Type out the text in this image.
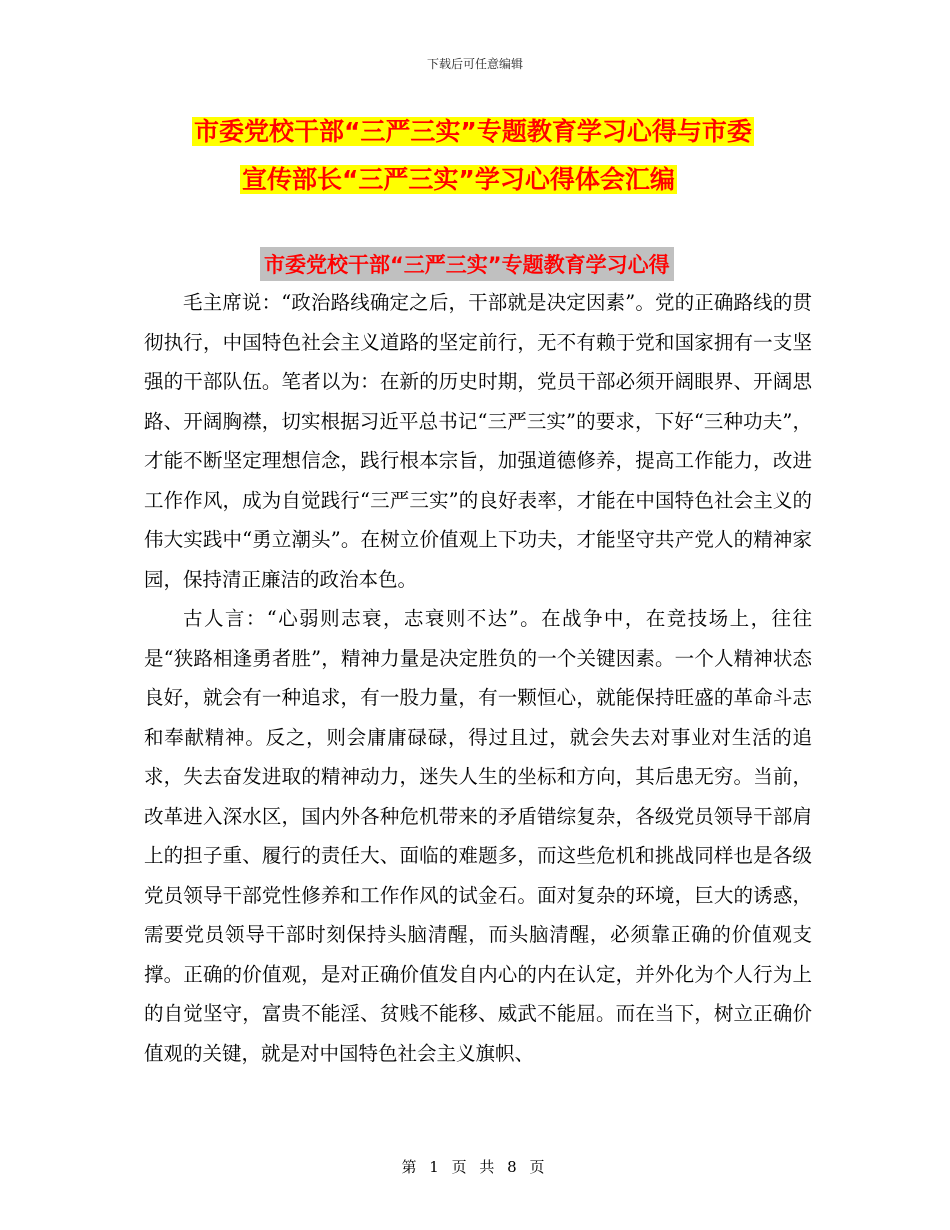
下载后可任意编辑
市委党校干部“三严三实”专题教育学习心得与市委
宣传部长“三严三实”学习心得体会汇编
市委党校干部“三严三实”专题教育学习心得

毛主席说：“政治路线确定之后，干部就是决定因素”。党的正确路线的贯彻执行，中国特色社会主义道路的坚定前行，无不有赖于党和国家拥有一支坚强的干部队伍。笔者以为：在新的历史时期，党员干部必须开阔眼界、开阔思路、开阔胸襟，切实根据习近平总书记“三严三实”的要求，下好“三种功夫”，才能不断坚定理想信念，践行根本宗旨，加强道德修养，提高工作能力，改进工作作风，成为自觉践行“三严三实”的良好表率，才能在中国特色社会主义的伟大实践中“勇立潮头”。在树立价值观上下功夫，才能坚守共产党人的精神家园，保持清正廉洁的政治本色。

古人言：“心弱则志衰，志衰则不达”。在战争中，在竞技场上，往往是“狭路相逢勇者胜”，精神力量是决定胜负的一个关键因素。一个人精神状态良好，就会有一种追求，有一股力量，有一颗恒心，就能保持旺盛的革命斗志和奉献精神。反之，则会庸庸碌碌，得过且过，就会失去对事业对生活的追求，失去奋发进取的精神动力，迷失人生的坐标和方向，其后患无穷。当前，改革进入深水区，国内外各种危机带来的矛盾错综复杂，各级党员领导干部肩上的担子重、履行的责任大、面临的难题多，而这些危机和挑战同样也是各级党员领导干部党性修养和工作作风的试金石。面对复杂的环境，巨大的诱惑，需要党员领导干部时刻保持头脑清醒，而头脑清醒，必须靠正确的价值观支撑。正确的价值观，是对正确价值发自内心的内在认定，并外化为个人行为上的自觉坚守，富贵不能淫、贫贱不能移、威武不能屈。而在当下，树立正确价值观的关键，就是对中国特色社会主义旗帜、

第 1 页 共 8 页
